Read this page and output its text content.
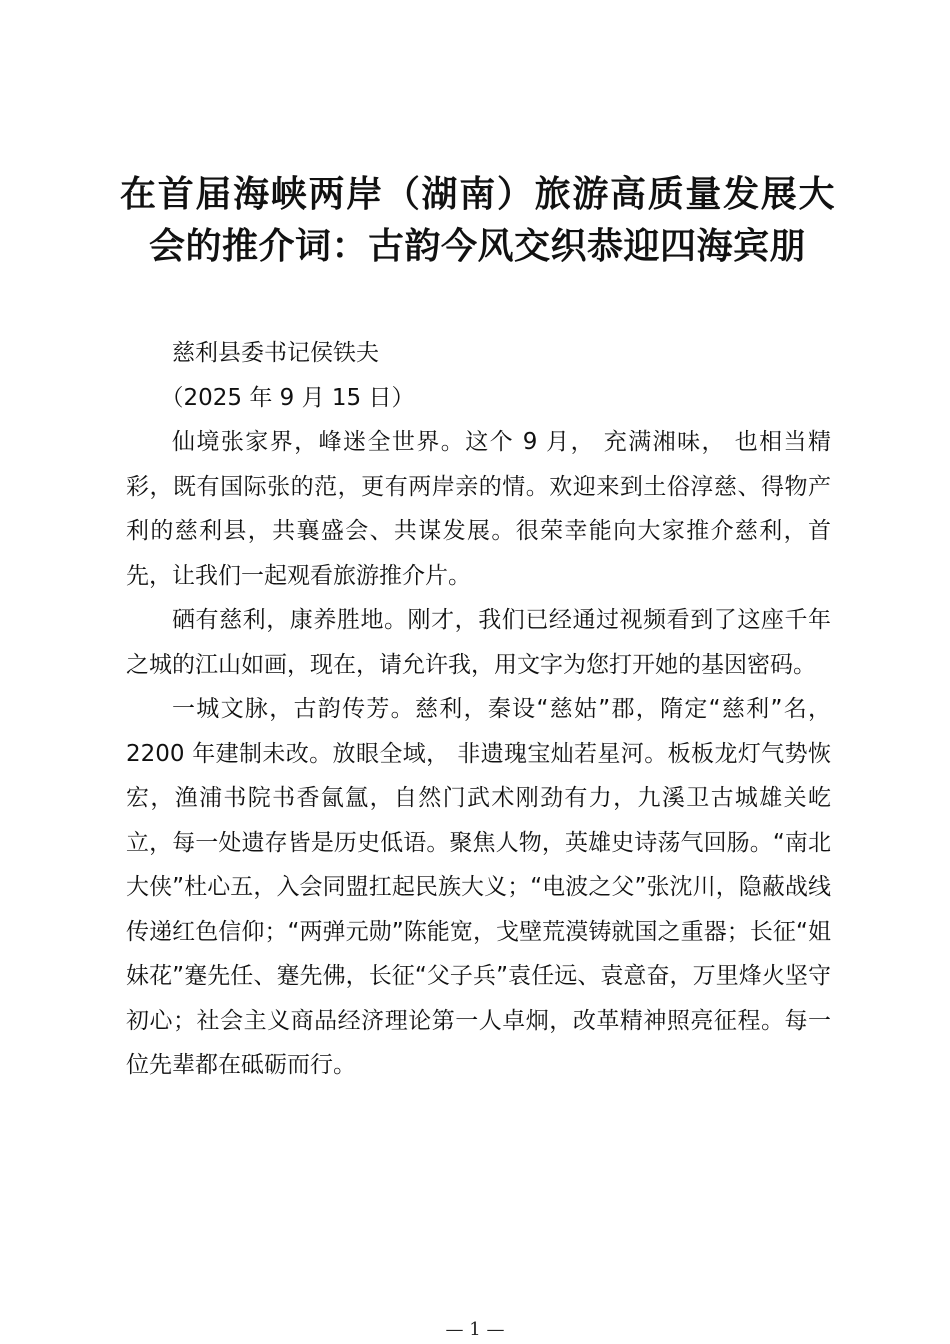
在首届海峡两岸（湖南）旅游高质量发展大会的推介词：古韵今风交织恭迎四海宾朋

慈利县委书记侯铁夫

（2025 年 9 月 15 日）

仙境张家界，峰迷全世界。这个 9 月， 充满湘味， 也相当精彩，既有国际张的范，更有两岸亲的情。欢迎来到土俗淳慈、得物产利的慈利县，共襄盛会、共谋发展。很荣幸能向大家推介慈利，首先，让我们一起观看旅游推介片。

硒有慈利，康养胜地。刚才，我们已经通过视频看到了这座千年之城的江山如画，现在，请允许我，用文字为您打开她的基因密码。

一城文脉，古韵传芳。慈利，秦设“慈姑”郡，隋定“慈利”名，2200 年建制未改。放眼全域， 非遗瑰宝灿若星河。板板龙灯气势恢宏，渔浦书院书香氤氲，自然门武术刚劲有力，九溪卫古城雄关屹立，每一处遗存皆是历史低语。聚焦人物，英雄史诗荡气回肠。“南北大侠”杜心五，入会同盟扛起民族大义；“电波之父”张沈川，隐蔽战线传递红色信仰；“两弹元勋”陈能宽，戈壁荒漠铸就国之重器；长征“姐妹花”蹇先任、蹇先佛，长征“父子兵”袁任远、袁意奋，万里烽火坚守初心；社会主义商品经济理论第一人卓炯，改革精神照亮征程。每一位先辈都在砥砺而行。

— 1 —
